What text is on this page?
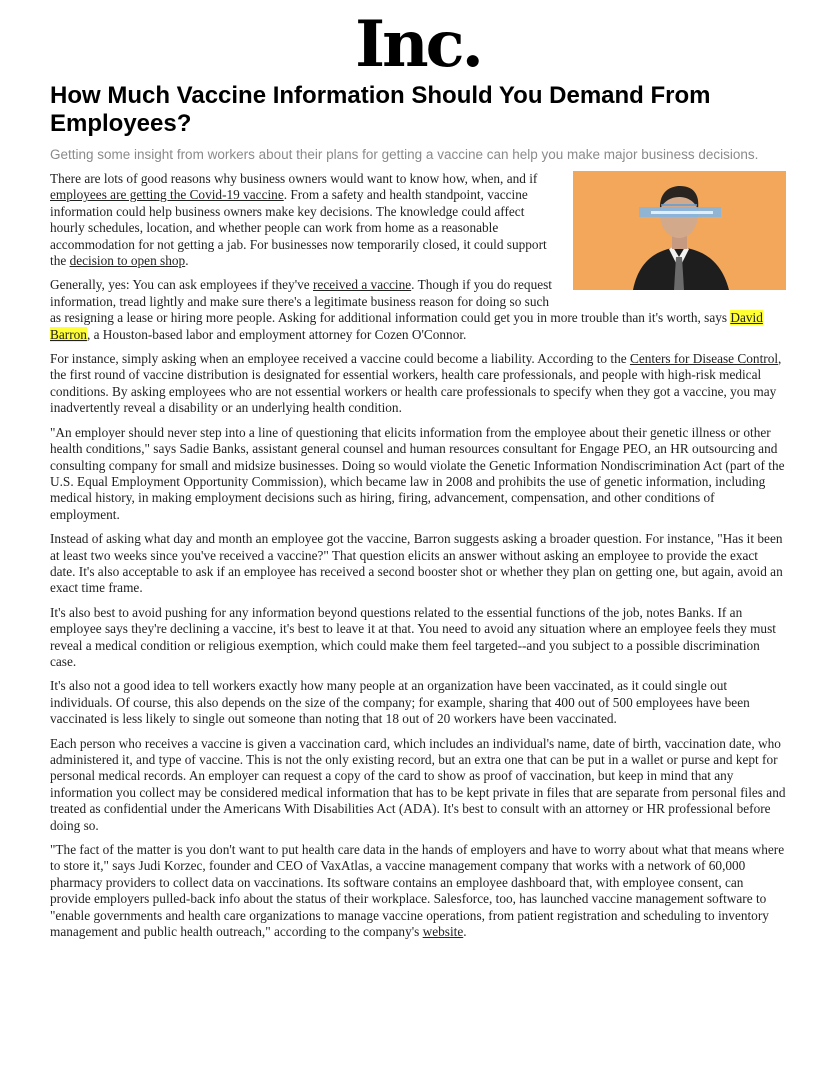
Inc.
How Much Vaccine Information Should You Demand From Employees?

Getting some insight from workers about their plans for getting a vaccine can help you make major business decisions.

There are lots of good reasons why business owners would want to know how, when, and if employees are getting the Covid-19 vaccine. From a safety and health standpoint, vaccine information could help business owners make key decisions. The knowledge could affect hourly schedules, location, and whether people can work from home as a reasonable accommodation for not getting a jab. For businesses now temporarily closed, it could support the decision to open shop.

Generally, yes: You can ask employees if they've received a vaccine. Though if you do request information, tread lightly and make sure there's a legitimate business reason for doing so such as resigning a lease or hiring more people. Asking for additional information could get you in more trouble than it's worth, says David Barron, a Houston-based labor and employment attorney for Cozen O'Connor.

For instance, simply asking when an employee received a vaccine could become a liability. According to the Centers for Disease Control, the first round of vaccine distribution is designated for essential workers, health care professionals, and people with high-risk medical conditions. By asking employees who are not essential workers or health care professionals to specify when they got a vaccine, you may inadvertently reveal a disability or an underlying health condition.

"An employer should never step into a line of questioning that elicits information from the employee about their genetic illness or other health conditions," says Sadie Banks, assistant general counsel and human resources consultant for Engage PEO, an HR outsourcing and consulting company for small and midsize businesses. Doing so would violate the Genetic Information Nondiscrimination Act (part of the U.S. Equal Employment Opportunity Commission), which became law in 2008 and prohibits the use of genetic information, including medical history, in making employment decisions such as hiring, firing, advancement, compensation, and other conditions of employment.

Instead of asking what day and month an employee got the vaccine, Barron suggests asking a broader question. For instance, "Has it been at least two weeks since you've received a vaccine?" That question elicits an answer without asking an employee to provide the exact date. It's also acceptable to ask if an employee has received a second booster shot or whether they plan on getting one, but again, avoid an exact time frame.

It's also best to avoid pushing for any information beyond questions related to the essential functions of the job, notes Banks. If an employee says they're declining a vaccine, it's best to leave it at that. You need to avoid any situation where an employee feels they must reveal a medical condition or religious exemption, which could make them feel targeted--and you subject to a possible discrimination case.

It's also not a good idea to tell workers exactly how many people at an organization have been vaccinated, as it could single out individuals. Of course, this also depends on the size of the company; for example, sharing that 400 out of 500 employees have been vaccinated is less likely to single out someone than noting that 18 out of 20 workers have been vaccinated.

Each person who receives a vaccine is given a vaccination card, which includes an individual's name, date of birth, vaccination date, who administered it, and type of vaccine. This is not the only existing record, but an extra one that can be put in a wallet or purse and kept for personal medical records. An employer can request a copy of the card to show as proof of vaccination, but keep in mind that any information you collect may be considered medical information that has to be kept private in files that are separate from personal files and treated as confidential under the Americans With Disabilities Act (ADA). It's best to consult with an attorney or HR professional before doing so.

"The fact of the matter is you don't want to put health care data in the hands of employers and have to worry about what that means where to store it," says Judi Korzec, founder and CEO of VaxAtlas, a vaccine management company that works with a network of 60,000 pharmacy providers to collect data on vaccinations. Its software contains an employee dashboard that, with employee consent, can provide employers pulled-back info about the status of their workplace. Salesforce, too, has launched vaccine management software to "enable governments and health care organizations to manage vaccine operations, from patient registration and scheduling to inventory management and public health outreach," according to the company's website.
